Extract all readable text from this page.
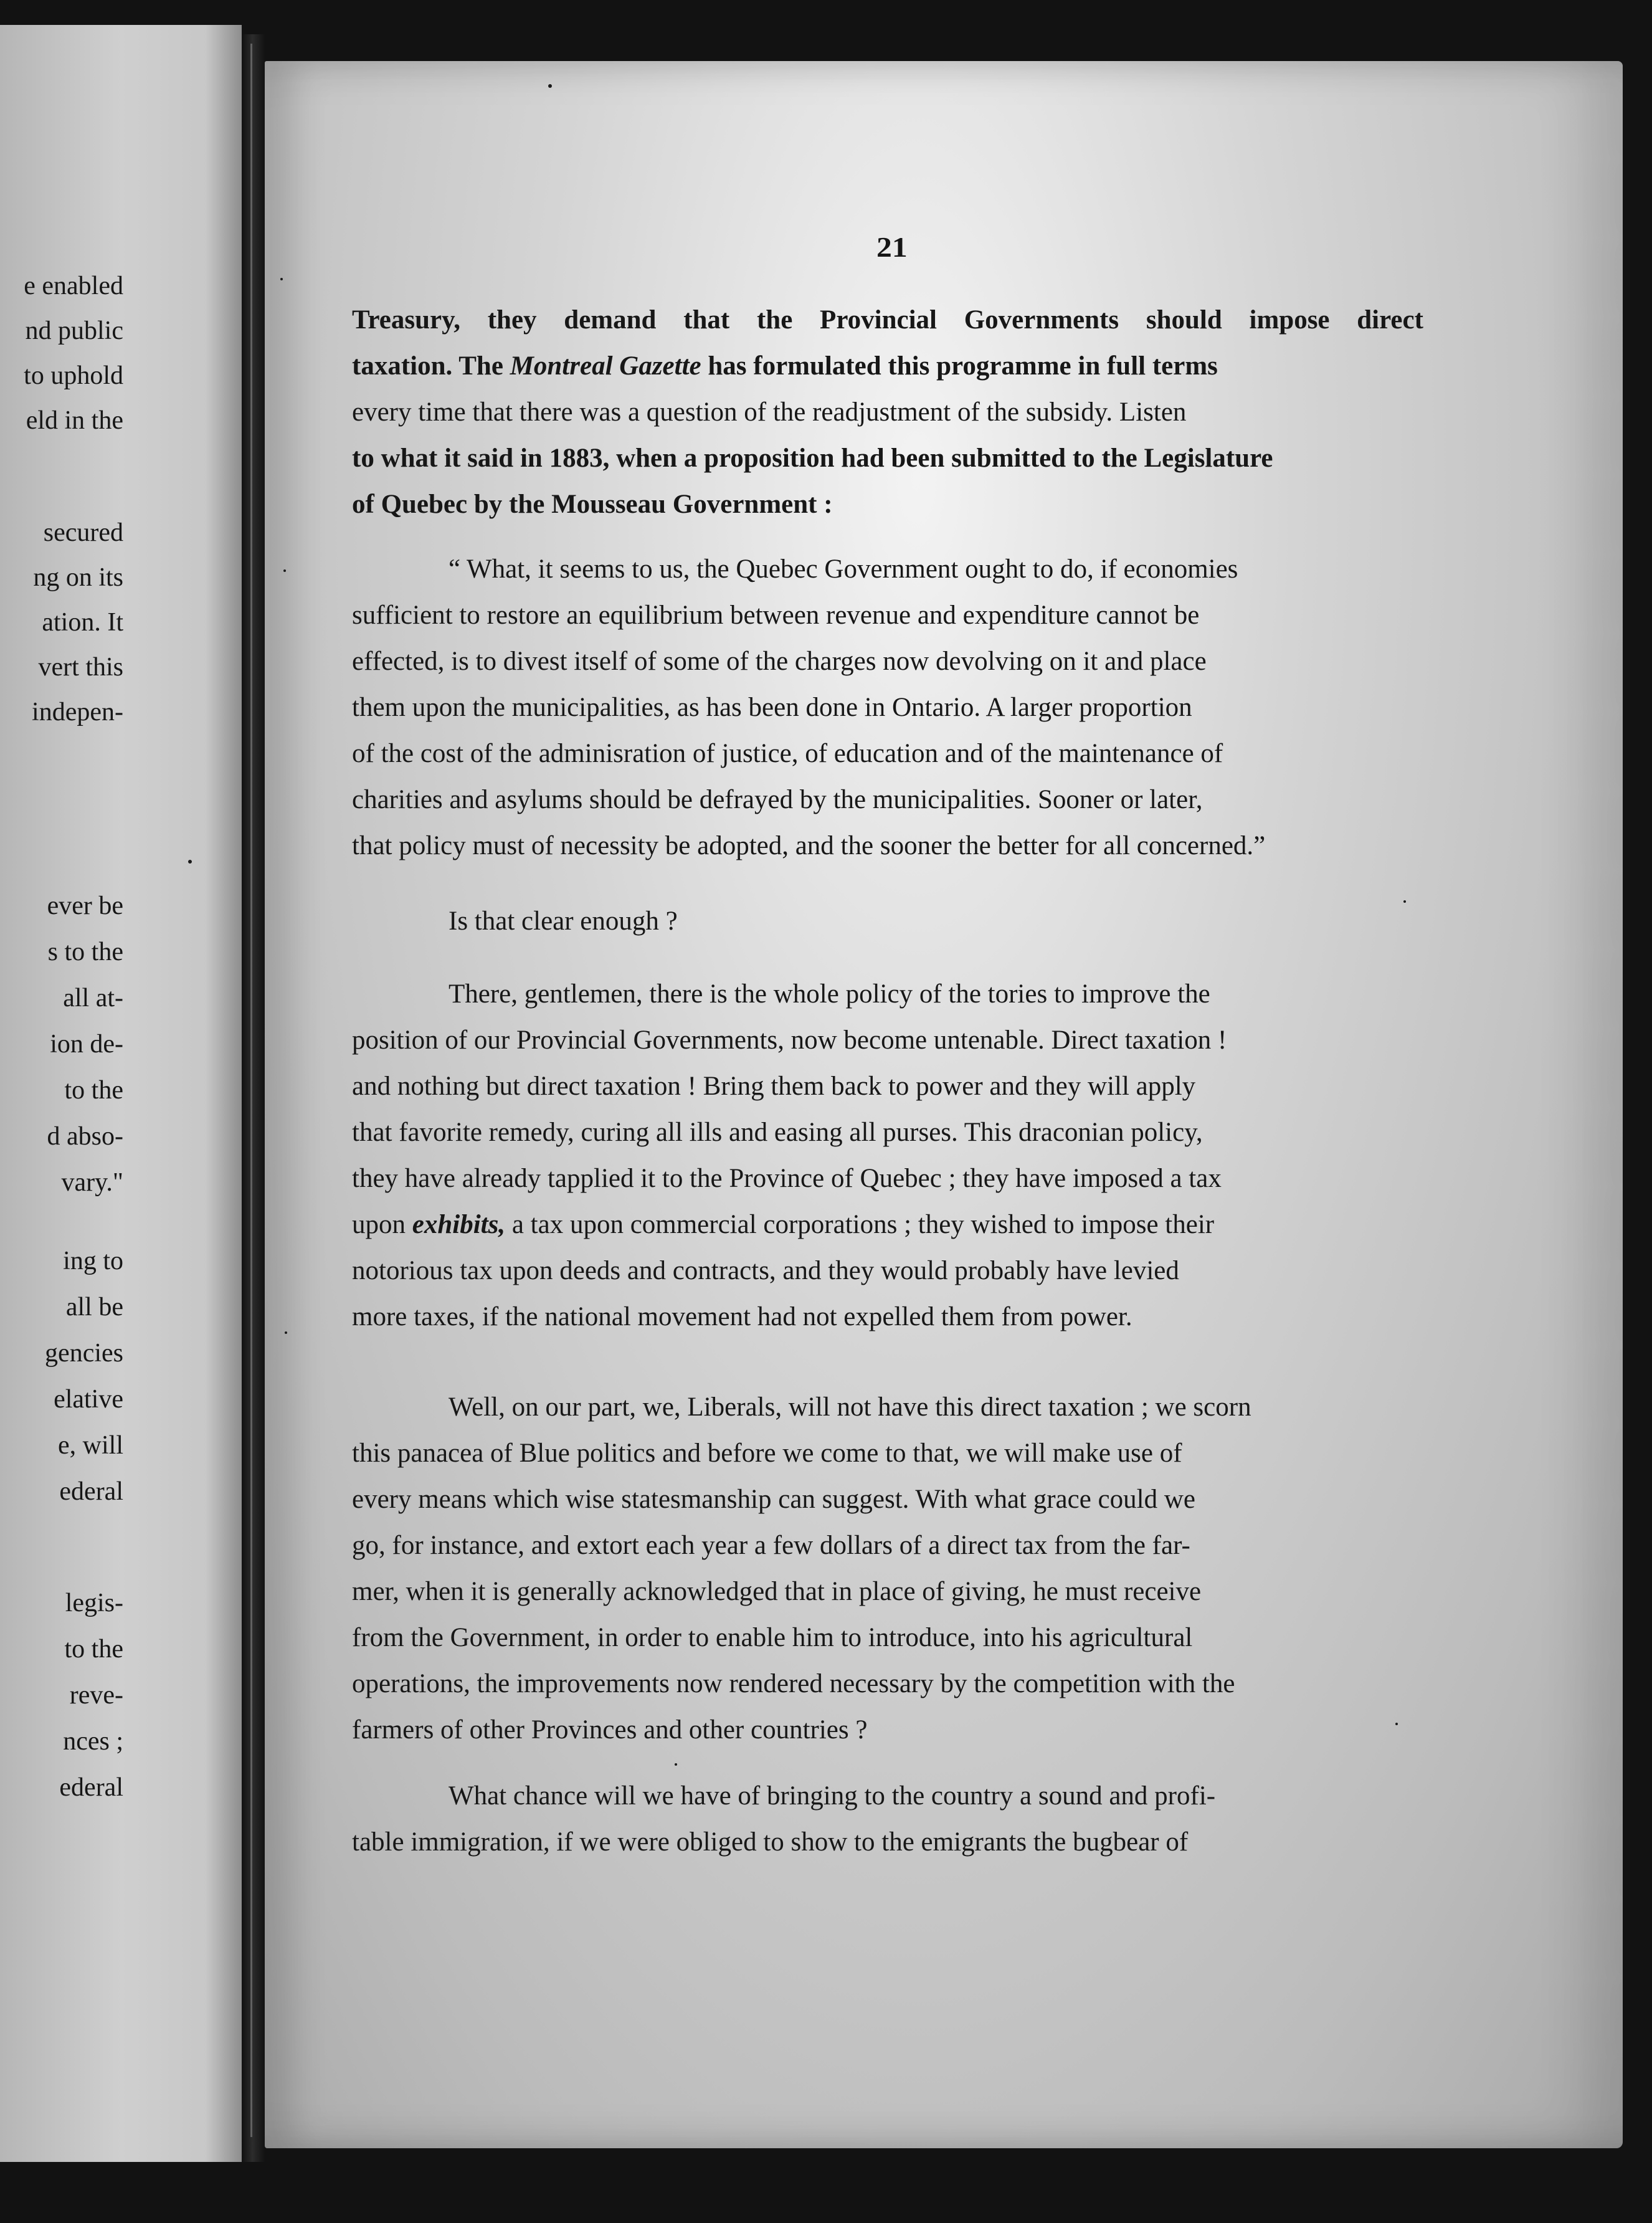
e enabled
nd public
to uphold
eld in the
secured
ng on its
ation. It
vert this
indepen-
ever be
s to the
all at-
ion de-
to the
d abso-
vary."
ing to
all be
gencies
elative
e, will
ederal
legis-
to the
reve-
nces ;
ederal
21
Treasury, they demand that the Provincial Governments should impose direct
taxation. The Montreal Gazette has formulated this programme in full terms
every time that there was a question of the readjustment of the subsidy. Listen
to what it said in 1883, when a proposition had been submitted to the Legislature
of Quebec by the Mousseau Government :
“ What, it seems to us, the Quebec Government ought to do, if economies
sufficient to restore an equilibrium between revenue and expenditure cannot be
effected, is to divest itself of some of the charges now devolving on it and place
them upon the municipalities, as has been done in Ontario. A larger proportion
of the cost of the adminisration of justice, of education and of the maintenance of
charities and asylums should be defrayed by the municipalities. Sooner or later,
that policy must of necessity be adopted, and the sooner the better for all concerned.”
Is that clear enough ?
There, gentlemen, there is the whole policy of the tories to improve the
position of our Provincial Governments, now become untenable. Direct taxation !
and nothing but direct taxation ! Bring them back to power and they will apply
that favorite remedy, curing all ills and easing all purses. This draconian policy,
they have already tapplied it to the Province of Quebec ; they have imposed a tax
upon exhibits, a tax upon commercial corporations ; they wished to impose their
notorious tax upon deeds and contracts, and they would probably have levied
more taxes, if the national movement had not expelled them from power.
Well, on our part, we, Liberals, will not have this direct taxation ; we scorn
this panacea of Blue politics and before we come to that, we will make use of
every means which wise statesmanship can suggest. With what grace could we
go, for instance, and extort each year a few dollars of a direct tax from the far-
mer, when it is generally acknowledged that in place of giving, he must receive
from the Government, in order to enable him to introduce, into his agricultural
operations, the improvements now rendered necessary by the competition with the
farmers of other Provinces and other countries ?
What chance will we have of bringing to the country a sound and profi-
table immigration, if we were obliged to show to the emigrants the bugbear of
